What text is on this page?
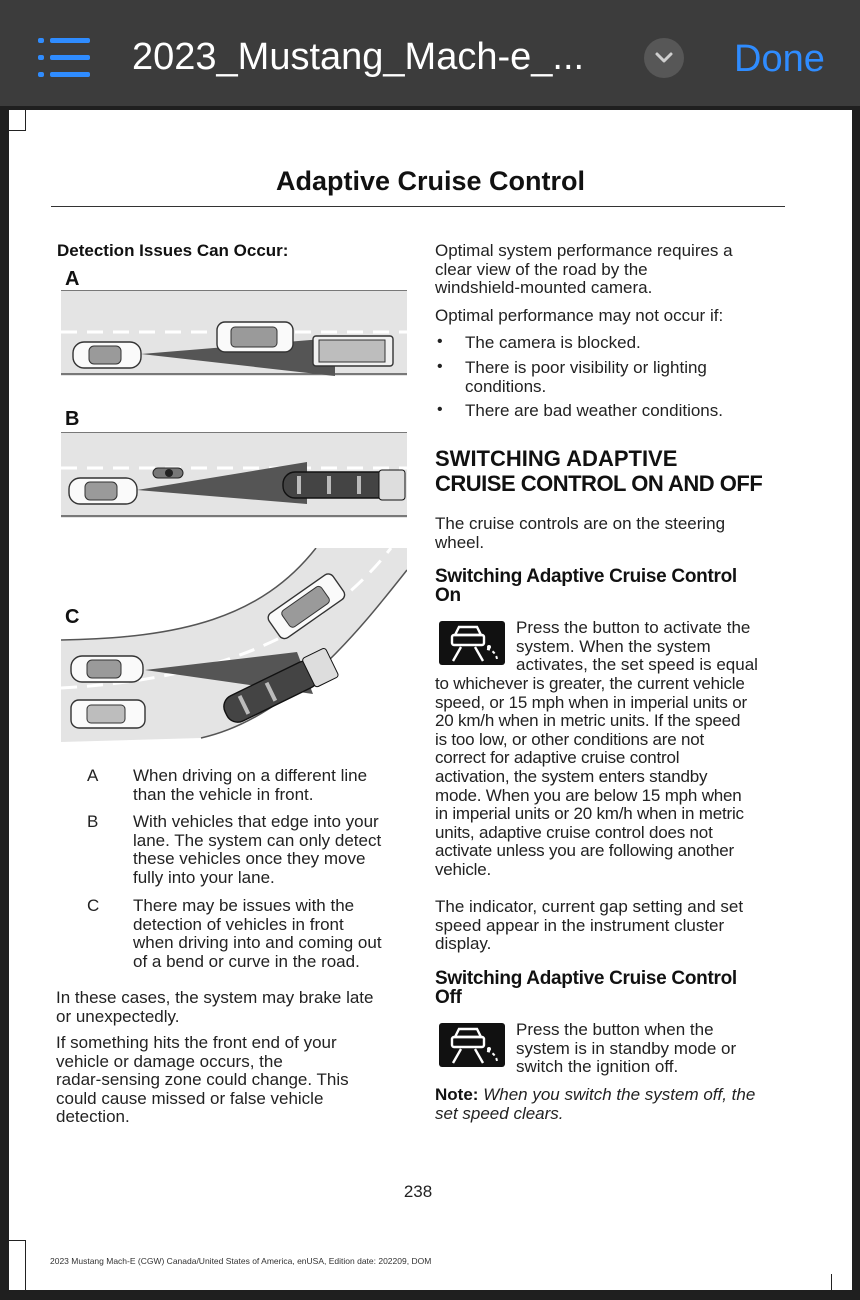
2023_Mustang_Mach-e_...	Done
Adaptive Cruise Control
Detection Issues Can Occur:
A
B
C
A When driving on a different line
than the vehicle in front.
B With vehicles that edge into your
lane. The system can only detect
these vehicles once they move
fully into your lane.
C There may be issues with the
detection of vehicles in front
when driving into and coming out
of a bend or curve in the road.
In these cases, the system may brake late
or unexpectedly.
If something hits the front end of your
vehicle or damage occurs, the
radar-sensing zone could change. This
could cause missed or false vehicle
detection.
Optimal system performance requires a
clear view of the road by the
windshield-mounted camera.
Optimal performance may not occur if:
• The camera is blocked.
• There is poor visibility or lighting
conditions.
• There are bad weather conditions.
SWITCHING ADAPTIVE
CRUISE CONTROL ON AND OFF
The cruise controls are on the steering
wheel.
Switching Adaptive Cruise Control
On
Press the button to activate the
system. When the system
activates, the set speed is equal
to whichever is greater, the current vehicle
speed, or 15 mph when in imperial units or
20 km/h when in metric units. If the speed
is too low, or other conditions are not
correct for adaptive cruise control
activation, the system enters standby
mode. When you are below 15 mph when
in imperial units or 20 km/h when in metric
units, adaptive cruise control does not
activate unless you are following another
vehicle.
The indicator, current gap setting and set
speed appear in the instrument cluster
display.
Switching Adaptive Cruise Control
Off
Press the button when the
system is in standby mode or
switch the ignition off.
Note: When you switch the system off, the
set speed clears.
238
2023 Mustang Mach-E (CGW) Canada/United States of America, enUSA, Edition date: 202209, DOM
